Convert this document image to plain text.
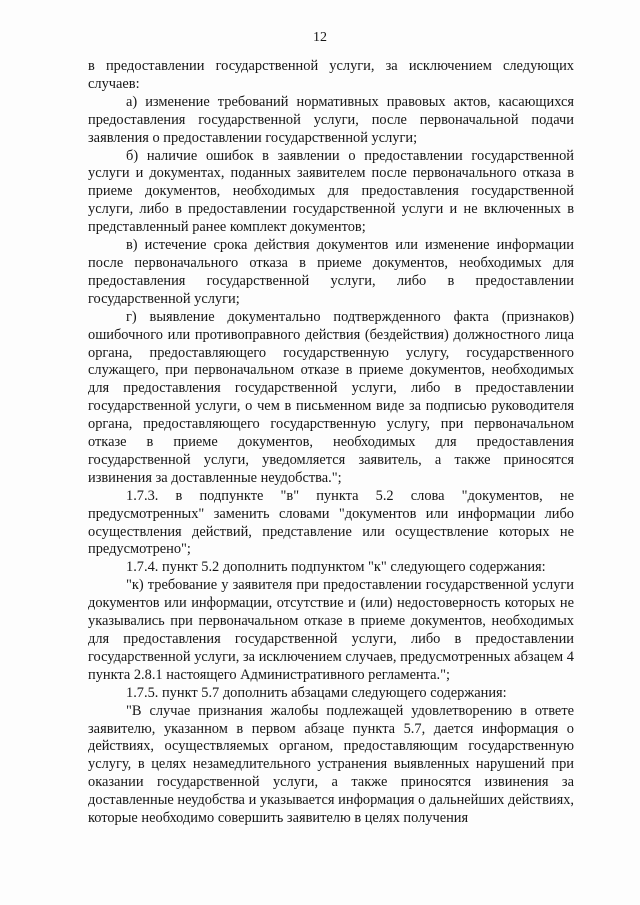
12

в предоставлении государственной услуги, за исключением следующих случаев:

а) изменение требований нормативных правовых актов, касающихся предоставления государственной услуги, после первоначальной подачи заявления о предоставлении государственной услуги;

б) наличие ошибок в заявлении о предоставлении государственной услуги и документах, поданных заявителем после первоначального отказа в приеме документов, необходимых для предоставления государственной услуги, либо в предоставлении государственной услуги и не включенных в представленный ранее комплект документов;

в) истечение срока действия документов или изменение информации после первоначального отказа в приеме документов, необходимых для предоставления государственной услуги, либо в предоставлении государственной услуги;

г) выявление документально подтвержденного факта (признаков) ошибочного или противоправного действия (бездействия) должностного лица органа, предоставляющего государственную услугу, государственного служащего, при первоначальном отказе в приеме документов, необходимых для предоставления государственной услуги, либо в предоставлении государственной услуги, о чем в письменном виде за подписью руководителя органа, предоставляющего государственную услугу, при первоначальном отказе в приеме документов, необходимых для предоставления государственной услуги, уведомляется заявитель, а также приносятся извинения за доставленные неудобства.";

1.7.3. в подпункте "в" пункта 5.2 слова "документов, не предусмотренных" заменить словами "документов или информации либо осуществления действий, представление или осуществление которых не предусмотрено";

1.7.4. пункт 5.2 дополнить подпунктом "к" следующего содержания:

"к) требование у заявителя при предоставлении государственной услуги документов или информации, отсутствие и (или) недостоверность которых не указывались при первоначальном отказе в приеме документов, необходимых для предоставления государственной услуги, либо в предоставлении государственной услуги, за исключением случаев, предусмотренных абзацем 4 пункта 2.8.1 настоящего Административного регламента.";

1.7.5. пункт 5.7 дополнить абзацами следующего содержания:

"В случае признания жалобы подлежащей удовлетворению в ответе заявителю, указанном в первом абзаце пункта 5.7, дается информация о действиях, осуществляемых органом, предоставляющим государственную услугу, в целях незамедлительного устранения выявленных нарушений при оказании государственной услуги, а также приносятся извинения за доставленные неудобства и указывается информация о дальнейших действиях, которые необходимо совершить заявителю в целях получения
